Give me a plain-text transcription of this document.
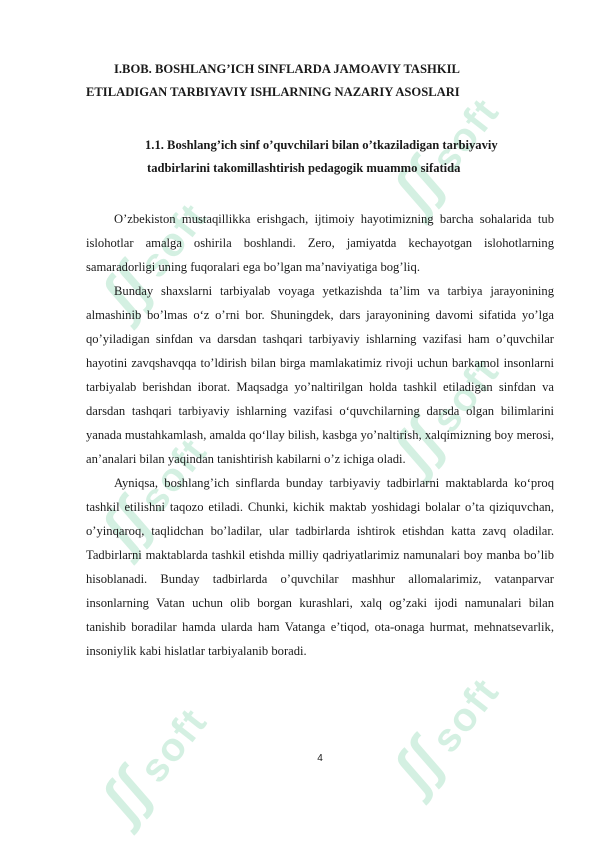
ʃʃ soft
ʃʃ soft
ʃʃ soft	ʃʃ soft
ʃʃ soft	ʃʃ soft
I.BOB. BOSHLANG’ICH SINFLARDA JAMOAVIY TASHKIL ETILADIGAN TARBIYAVIY ISHLARNING NAZARIY ASOSLARI
1.1. Boshlang’ich sinf o’quvchilari bilan o’tkaziladigan tarbiyaviy
tadbirlarini takomillashtirish pedagogik muammo sifatida

O’zbekiston mustaqillikka erishgach, ijtimoiy hayotimizning barcha sohalarida tub islohotlar amalga oshirila boshlandi. Zero, jamiyatda kechayotgan islohotlarning samaradorligi uning fuqoralari ega bo’lgan ma’naviyatiga bog’liq.

Bunday shaxslarni tarbiyalab voyaga yetkazishda ta’lim va tarbiya jarayonining almashinib bo’lmas o‘z o’rni bor. Shuningdek, dars jarayonining davomi sifatida yo’lga qo’yiladigan sinfdan va darsdan tashqari tarbiyaviy ishlarning vazifasi ham o’quvchilar hayotini zavqshavqqa to’ldirish bilan birga mamlakatimiz rivoji uchun barkamol insonlarni tarbiyalab berishdan iborat. Maqsadga yo’naltirilgan holda tashkil etiladigan sinfdan va darsdan tashqari tarbiyaviy ishlarning vazifasi o‘quvchilarning darsda olgan bilimlarini yanada mustahkamlash, amalda qo‘llay bilish, kasbga yo’naltirish, xalqimizning boy merosi, an’analari bilan yaqindan tanishtirish kabilarni o’z ichiga oladi.

Ayniqsa, boshlang’ich sinflarda bunday tarbiyaviy tadbirlarni maktablarda ko‘proq tashkil etilishni taqozo etiladi. Chunki, kichik maktab yoshidagi bolalar o’ta qiziquvchan, o’yinqaroq, taqlidchan bo’ladilar, ular tadbirlarda ishtirok etishdan katta zavq oladilar. Tadbirlarni maktablarda tashkil etishda milliy qadriyatlarimiz namunalari boy manba bo’lib hisoblanadi. Bunday tadbirlarda o’quvchilar mashhur allomalarimiz, vatanparvar insonlarning Vatan uchun olib borgan kurashlari, xalq og’zaki ijodi namunalari bilan tanishib boradilar hamda ularda ham Vatanga e’tiqod, ota-onaga hurmat, mehnatsevarlik, insoniylik kabi hislatlar tarbiyalanib boradi.

4
